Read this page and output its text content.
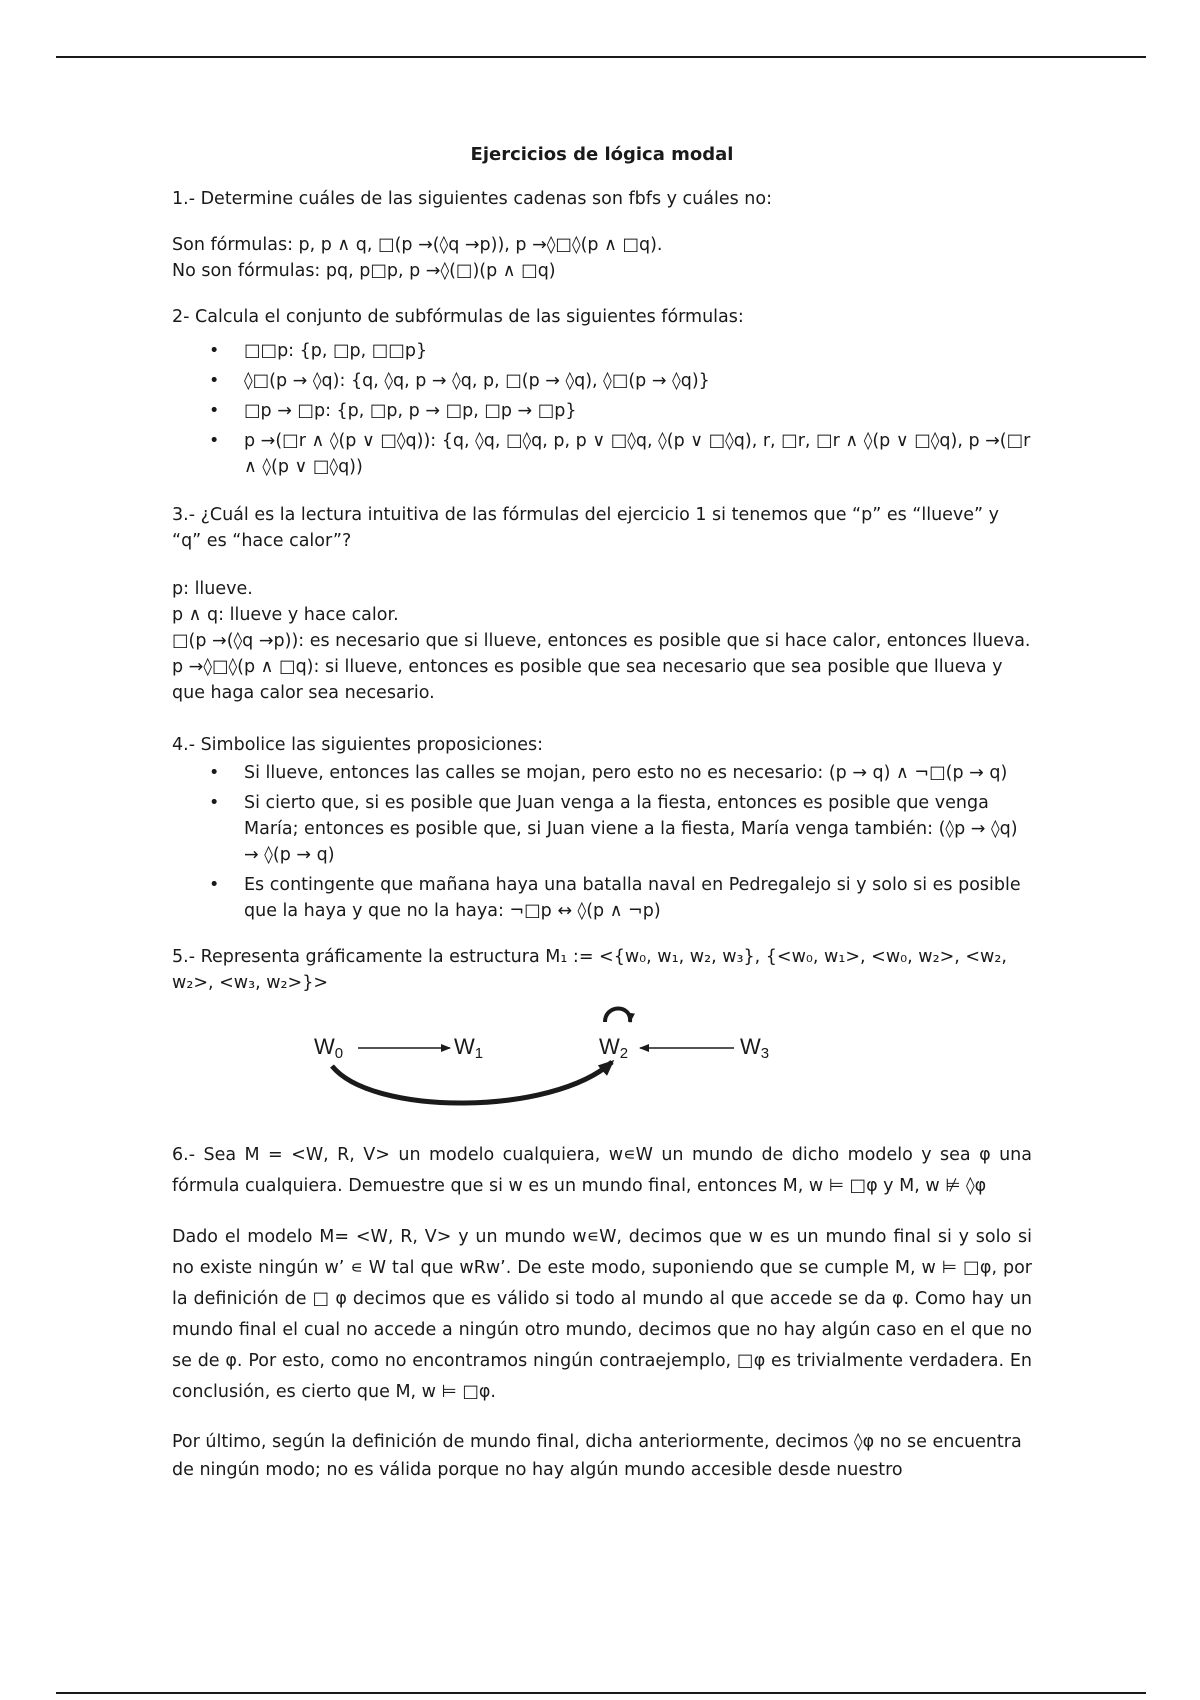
Ejercicios de lógica modal

1.- Determine cuáles de las siguientes cadenas son fbfs y cuáles no:

Son fórmulas: p, p ∧ q, □(p →(◊q →p)), p →◊□◊(p ∧ □q).

No son fórmulas: pq, p□p, p →◊(□)(p ∧ □q)

2- Calcula el conjunto de subfórmulas de las siguientes fórmulas:

• □□p: {p, □p, □□p}
• ◊□(p → ◊q): {q, ◊q, p → ◊q, p, □(p → ◊q), ◊□(p → ◊q)}
• □p → □p: {p, □p, p → □p, □p → □p}
• p →(□r ∧ ◊(p ∨ □◊q)): {q, ◊q, □◊q, p, p ∨ □◊q, ◊(p ∨ □◊q), r, □r, □r ∧ ◊(p ∨ □◊q), p →(□r ∧ ◊(p ∨ □◊q))

3.- ¿Cuál es la lectura intuitiva de las fórmulas del ejercicio 1 si tenemos que “p” es “llueve” y “q” es “hace calor”?

p: llueve.

p ∧ q: llueve y hace calor.

□(p →(◊q →p)): es necesario que si llueve, entonces es posible que si hace calor, entonces llueva.

p →◊□◊(p ∧ □q): si llueve, entonces es posible que sea necesario que sea posible que llueva y que haga calor sea necesario.

4.- Simbolice las siguientes proposiciones:

• Si llueve, entonces las calles se mojan, pero esto no es necesario: (p → q) ∧ ¬□(p → q)
• Si cierto que, si es posible que Juan venga a la fiesta, entonces es posible que venga María; entonces es posible que, si Juan viene a la fiesta, María venga también: (◊p → ◊q) → ◊(p → q)
• Es contingente que mañana haya una batalla naval en Pedregalejo si y solo si es posible que la haya y que no la haya: ¬□p ↔ ◊(p ∧ ¬p)

5.- Representa gráficamente la estructura M₁ := <{w₀, w₁, w₂, w₃}, {<w₀, w₁>, <w₀, w₂>, <w₂, w₂>, <w₃, w₂>}>

W0	W1	W2	W3

6.- Sea M = <W, R, V> un modelo cualquiera, w∊W un mundo de dicho modelo y sea φ una fórmula cualquiera. Demuestre que si w es un mundo final, entonces M, w ⊨ □φ y M, w ⊭ ◊φ

Dado el modelo M= <W, R, V> y un mundo w∊W, decimos que w es un mundo final si y solo si no existe ningún w’ ∊ W tal que wRw’. De este modo, suponiendo que se cumple M, w ⊨ □φ, por la definición de □ φ decimos que es válido si todo al mundo al que accede se da φ. Como hay un mundo final el cual no accede a ningún otro mundo, decimos que no hay algún caso en el que no se de φ. Por esto, como no encontramos ningún contraejemplo, □φ es trivialmente verdadera. En conclusión, es cierto que M, w ⊨ □φ.

Por último, según la definición de mundo final, dicha anteriormente, decimos ◊φ no se encuentra de ningún modo; no es válida porque no hay algún mundo accesible desde nuestro
